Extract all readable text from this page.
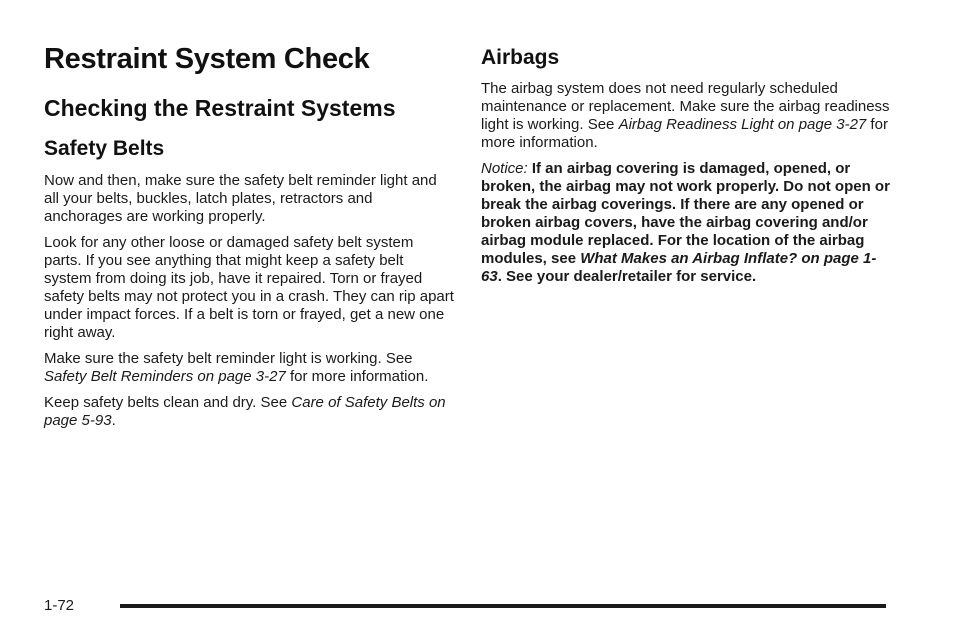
Restraint System Check
Checking the Restraint Systems
Safety Belts

Now and then, make sure the safety belt reminder light and all your belts, buckles, latch plates, retractors and anchorages are working properly.

Look for any other loose or damaged safety belt system parts. If you see anything that might keep a safety belt system from doing its job, have it repaired. Torn or frayed safety belts may not protect you in a crash. They can rip apart under impact forces. If a belt is torn or frayed, get a new one right away.

Make sure the safety belt reminder light is working. See Safety Belt Reminders on page 3-27 for more information.

Keep safety belts clean and dry. See Care of Safety Belts on page 5-93.

Airbags

The airbag system does not need regularly scheduled maintenance or replacement. Make sure the airbag readiness light is working. See Airbag Readiness Light on page 3-27 for more information.

Notice: If an airbag covering is damaged, opened, or broken, the airbag may not work properly. Do not open or break the airbag coverings. If there are any opened or broken airbag covers, have the airbag covering and/or airbag module replaced. For the location of the airbag modules, see What Makes an Airbag Inflate? on page 1-63. See your dealer/retailer for service.

1-72
